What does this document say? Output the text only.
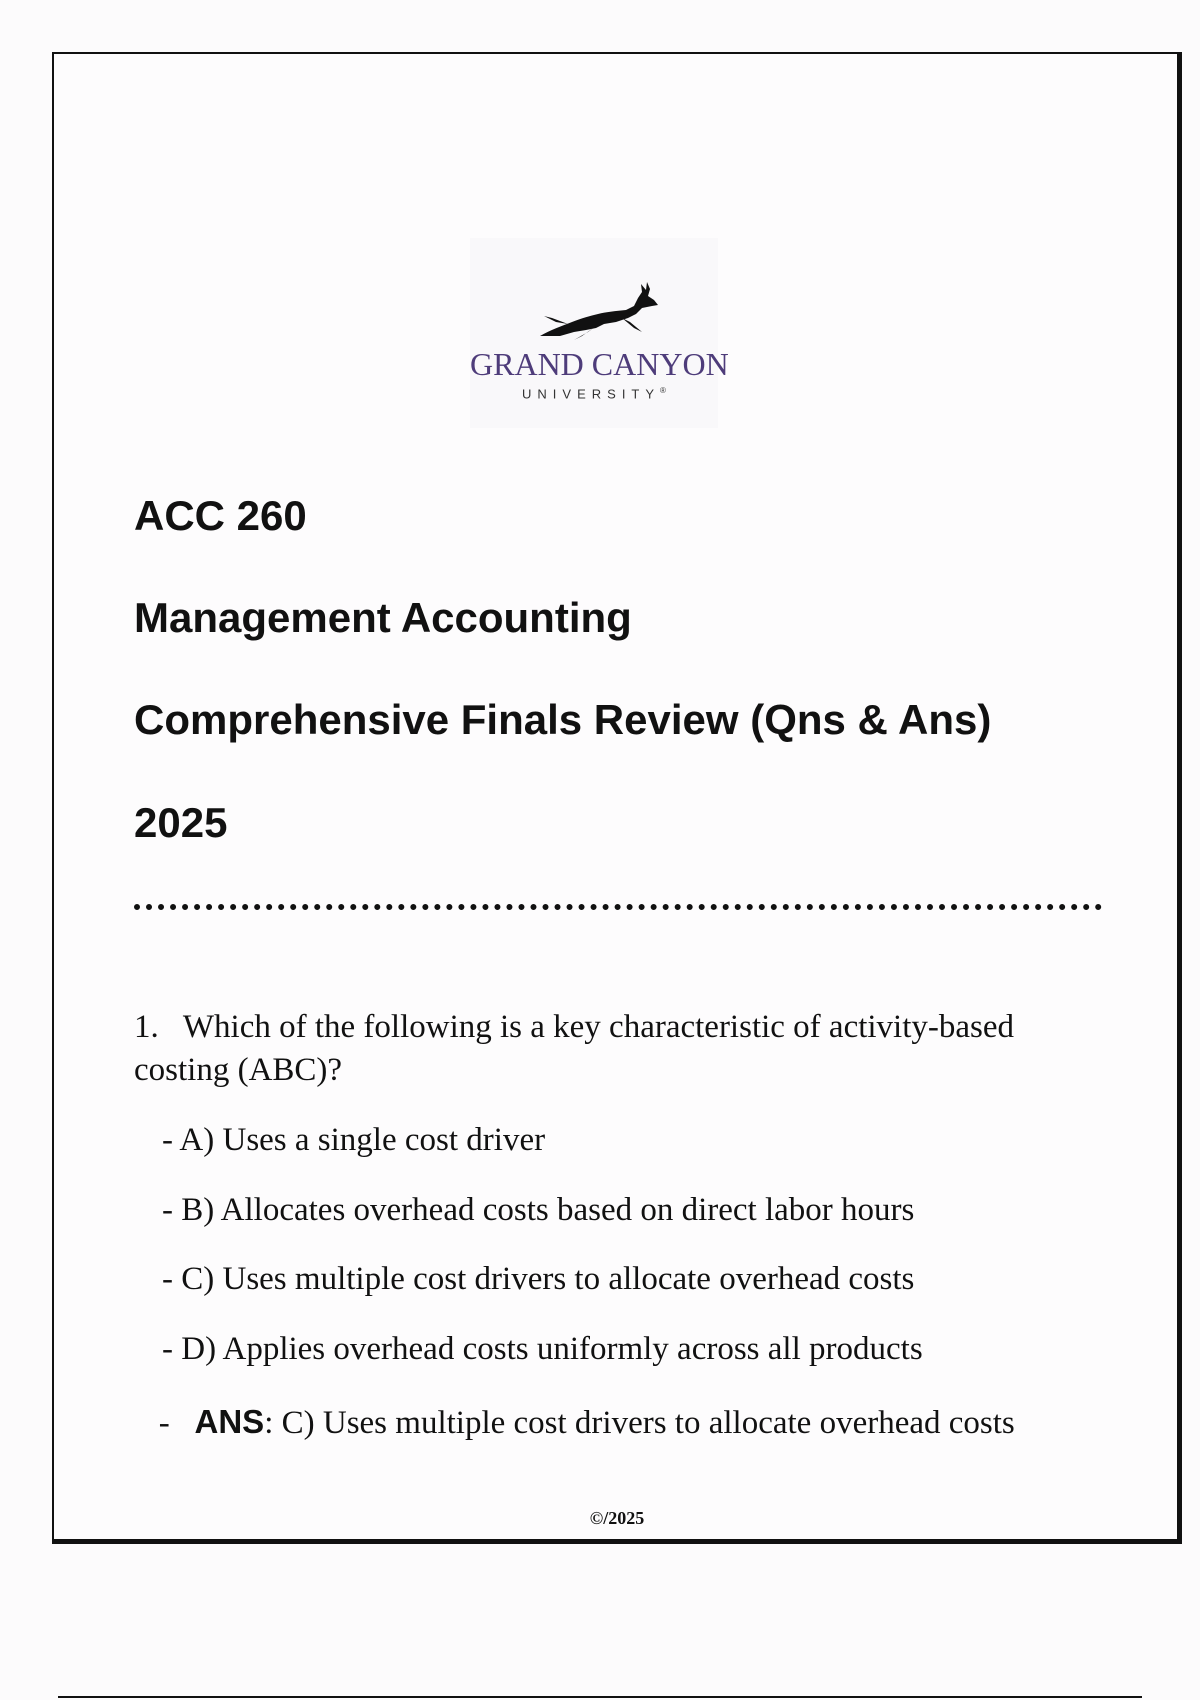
GRAND CANYON
UNIVERSITY®
ACC 260
Management Accounting
Comprehensive Finals Review (Qns & Ans)
2025
1. Which of the following is a key characteristic of activity-based costing (ABC)?
- A) Uses a single cost driver
- B) Allocates overhead costs based on direct labor hours
- C) Uses multiple cost drivers to allocate overhead costs
- D) Applies overhead costs uniformly across all products
- ANS: C) Uses multiple cost drivers to allocate overhead costs
©/2025
